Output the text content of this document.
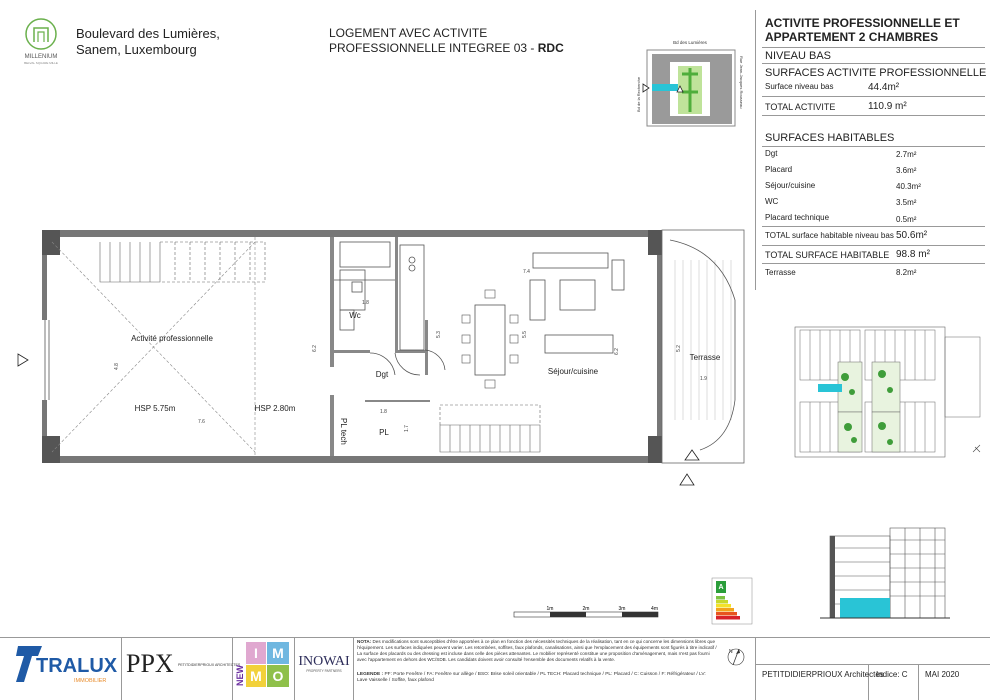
MILLENIUM
BELVAL SQUARE MILLE
Boulevard des Lumières,
Sanem, Luxembourg
LOGEMENT AVEC ACTIVITE
PROFESSIONNELLE INTEGREE 03 - RDC	Bd des Lumières
Bd de la Recherche	Rue Jean-Jacques Rousseau
ACTIVITE PROFESSIONNELLE ET
APPARTEMENT 2 CHAMBRES
NIVEAU BAS
SURFACES ACTIVITE PROFESSIONNELLE
Surface niveau bas	44.4m²
TOTAL ACTIVITE	110.9 m²
SURFACES HABITABLES
Dgt	2.7m²
Placard	3.6m²
Séjour/cuisine	40.3m²
WC	3.5m²
Placard technique	0.5m²
TOTAL surface habitable niveau bas 50.6m²
TOTAL SURFACE HABITABLE 98.8 m²
Terrasse	8.2m²
Activité professionnelle
HSP 5.75m	HSP 2.80m
Wc
Dgt
PL tech	PL
Séjour/cuisine
Terrasse
4.8
7.6
6.2
1.8
1.8
5.3
7.4
5.5
6.2	5.2
1.9
1.7
A
1m	2m	3m	4m
TRALUX
IMMOBILIER
PPX PETITDIDIERPRIOUX ARCHITECTES
NEW
I M
M O
INOWAI
PROPERTY PARTNERS
NOTA: Des modifications sont susceptibles d'être apportées à ce plan en fonction des nécessités techniques de la réalisation, tant en ce qui concerne les dimensions libres que l'équipement. Les surfaces indiquées peuvent varier. Les retombées, soffites, faux plafonds, canalisations, ainsi que l'emplacement des équipements sont figurés à titre indicatif / La surface des placards ou des dressing est incluse dans celle des pièces attenantes. Le mobilier représenté constitue une proposition d'aménagement, mais n'est pas fourni avec l'appartement en dehors des WC/SDB. Les candidats doivent avoir consulté l'ensemble des documents relatifs à la vente.
LEGENDE : PF: Porte Fenêtre / FA: Fenêtre sur allège / BSO: Brise soleil orientable / PL TECH: Placard technique / PL: Placard / C: Cuisson / F: Réfrigérateur / LV: Lave Vaisselle / Soffite, faux plafond
N
PETITDIDIERPRIOUX Architectes
Indice: C MAI 2020
